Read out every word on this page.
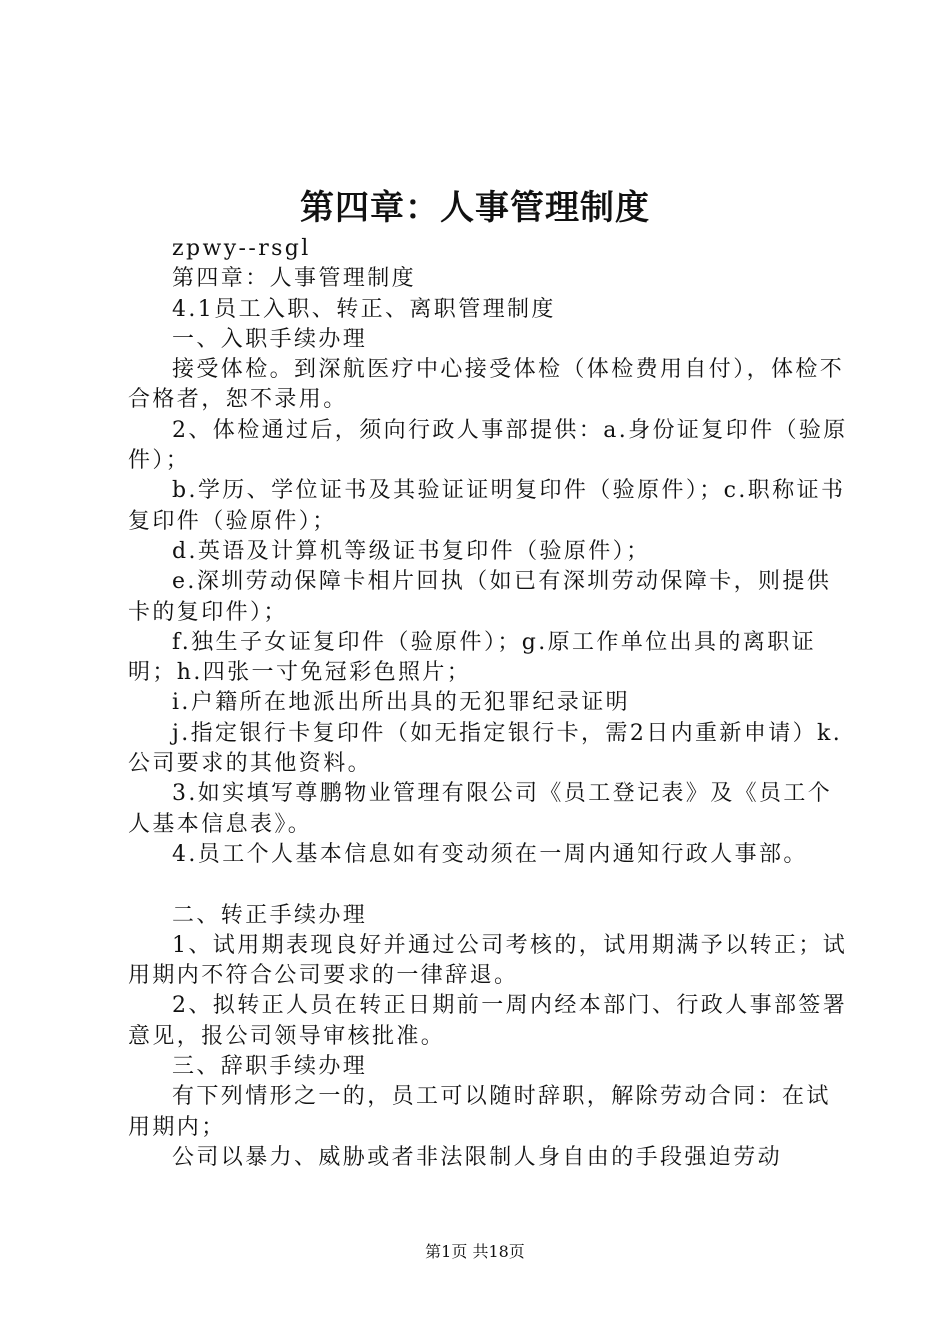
第四章：人事管理制度

zpwy--rsgl

第四章：人事管理制度

4.1员工入职、转正、离职管理制度

一、入职手续办理

接受体检。到深航医疗中心接受体检（体检费用自付），体检不合格者，恕不录用。

2、体检通过后，须向行政人事部提供：a.身份证复印件（验原件）；

b.学历、学位证书及其验证证明复印件（验原件）；c.职称证书复印件（验原件）；

d.英语及计算机等级证书复印件（验原件）；

e.深圳劳动保障卡相片回执（如已有深圳劳动保障卡，则提供卡的复印件）；

f.独生子女证复印件（验原件）；g.原工作单位出具的离职证明；h.四张一寸免冠彩色照片；

i.户籍所在地派出所出具的无犯罪纪录证明

j.指定银行卡复印件（如无指定银行卡，需2日内重新申请）k.公司要求的其他资料。

3.如实填写尊鹏物业管理有限公司《员工登记表》及《员工个人基本信息表》。

4.员工个人基本信息如有变动须在一周内通知行政人事部。

二、转正手续办理

1、试用期表现良好并通过公司考核的，试用期满予以转正；试用期内不符合公司要求的一律辞退。

2、拟转正人员在转正日期前一周内经本部门、行政人事部签署意见，报公司领导审核批准。

三、辞职手续办理

有下列情形之一的，员工可以随时辞职，解除劳动合同：在试用期内；

公司以暴力、威胁或者非法限制人身自由的手段强迫劳动

第1页 共18页
